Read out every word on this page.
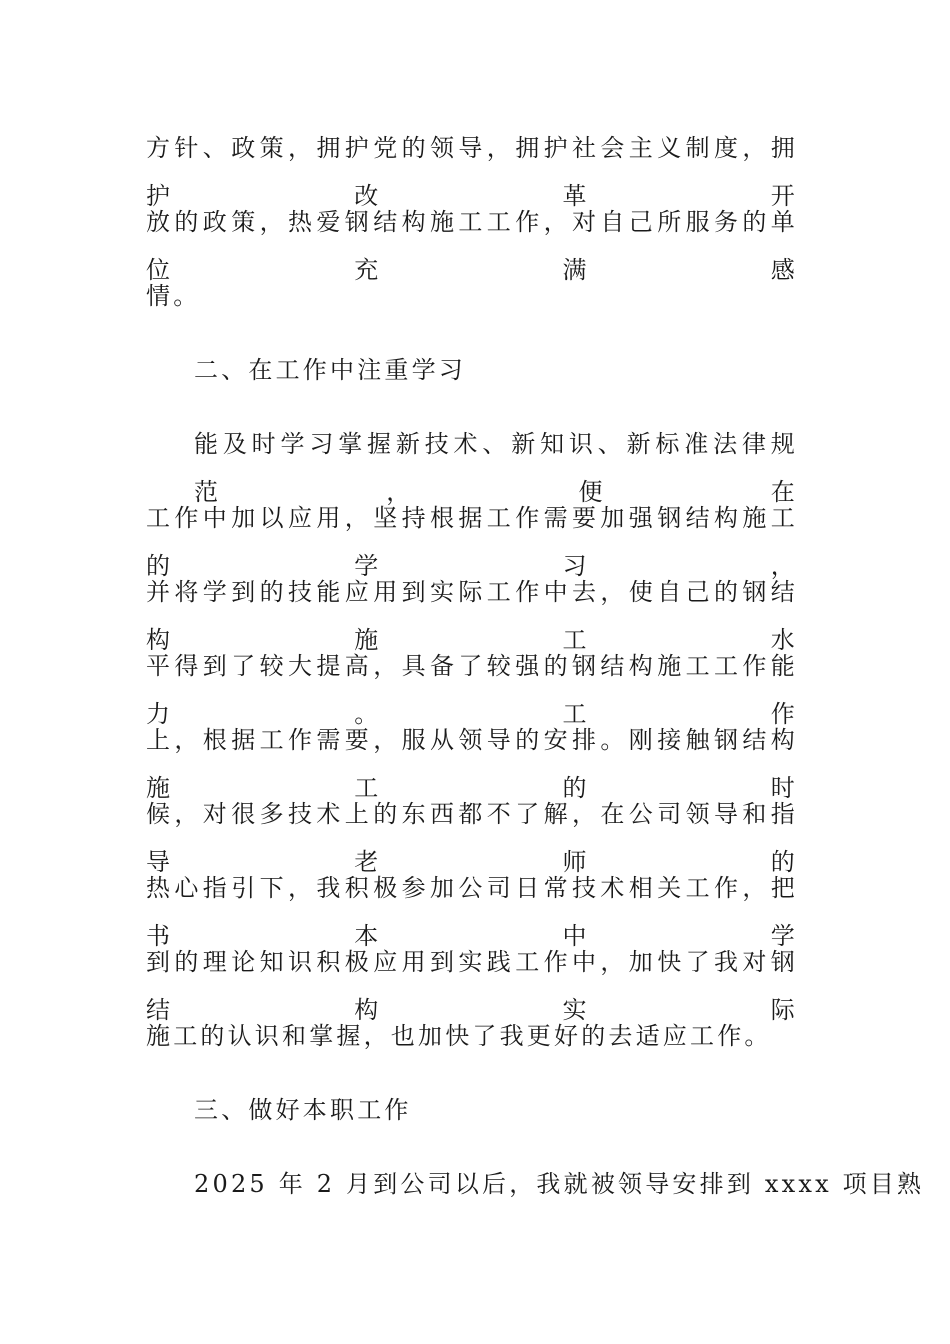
方针、政策，拥护党的领导，拥护社会主义制度，拥护改革开
放的政策，热爱钢结构施工工作，对自己所服务的单位充满感
情。
二、在工作中注重学习
能及时学习掌握新技术、新知识、新标准法律规范，便在
工作中加以应用，坚持根据工作需要加强钢结构施工的学习，
并将学到的技能应用到实际工作中去，使自己的钢结构施工水
平得到了较大提高，具备了较强的钢结构施工工作能力。工作
上，根据工作需要，服从领导的安排。刚接触钢结构施工的时
候，对很多技术上的东西都不了解，在公司领导和指导老师的
热心指引下，我积极参加公司日常技术相关工作，把书本中学
到的理论知识积极应用到实践工作中，加快了我对钢结构实际
施工的认识和掌握，也加快了我更好的去适应工作。
三、做好本职工作
2025 年 2 月到公司以后，我就被领导安排到 xxxx 项目熟
